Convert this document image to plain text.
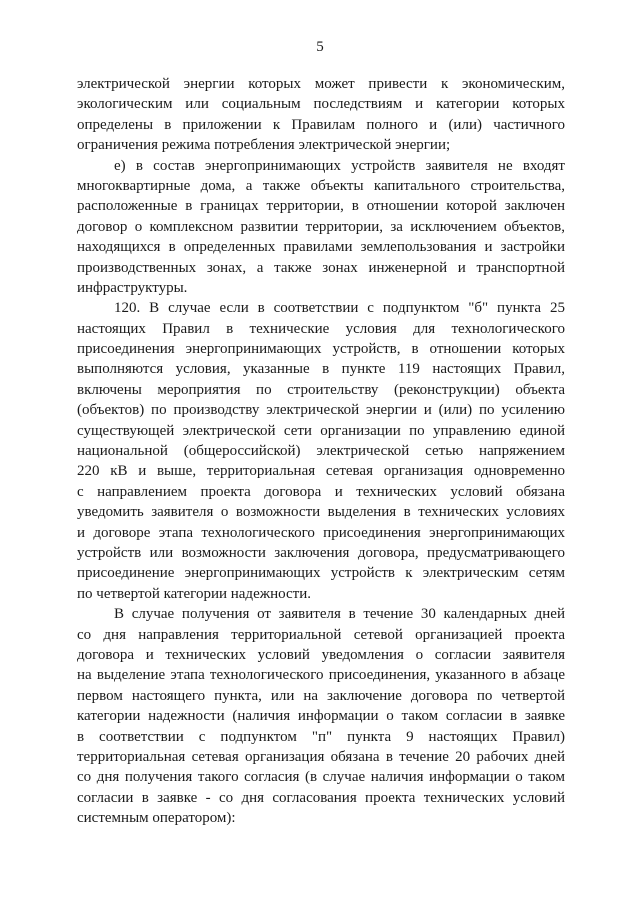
5
электрической энергии которых может привести к экономическим,
экологическим или социальным последствиям и категории которых
определены в приложении к Правилам полного и (или) частичного
ограничения режима потребления электрической энергии;
е) в состав энергопринимающих устройств заявителя не входят
многоквартирные дома, а также объекты капитального строительства,
расположенные в границах территории, в отношении которой заключен
договор о комплексном развитии территории, за исключением объектов,
находящихся в определенных правилами землепользования и застройки
производственных зонах, а также зонах инженерной и транспортной
инфраструктуры.
120. В случае если в соответствии с подпунктом "б" пункта 25
настоящих Правил в технические условия для технологического
присоединения энергопринимающих устройств, в отношении которых
выполняются условия, указанные в пункте 119 настоящих Правил,
включены мероприятия по строительству (реконструкции) объекта
(объектов) по производству электрической энергии и (или) по усилению
существующей электрической сети организации по управлению единой
национальной (общероссийской) электрической сетью напряжением
220 кВ и выше, территориальная сетевая организация одновременно
с направлением проекта договора и технических условий обязана
уведомить заявителя о возможности выделения в технических условиях
и договоре этапа технологического присоединения энергопринимающих
устройств или возможности заключения договора, предусматривающего
присоединение энергопринимающих устройств к электрическим сетям
по четвертой категории надежности.
В случае получения от заявителя в течение 30 календарных дней
со дня направления территориальной сетевой организацией проекта
договора и технических условий уведомления о согласии заявителя
на выделение этапа технологического присоединения, указанного в абзаце
первом настоящего пункта, или на заключение договора по четвертой
категории надежности (наличия информации о таком согласии в заявке
в соответствии с подпунктом "п" пункта 9 настоящих Правил)
территориальная сетевая организация обязана в течение 20 рабочих дней
со дня получения такого согласия (в случае наличия информации о таком
согласии в заявке - со дня согласования проекта технических условий
системным оператором):
